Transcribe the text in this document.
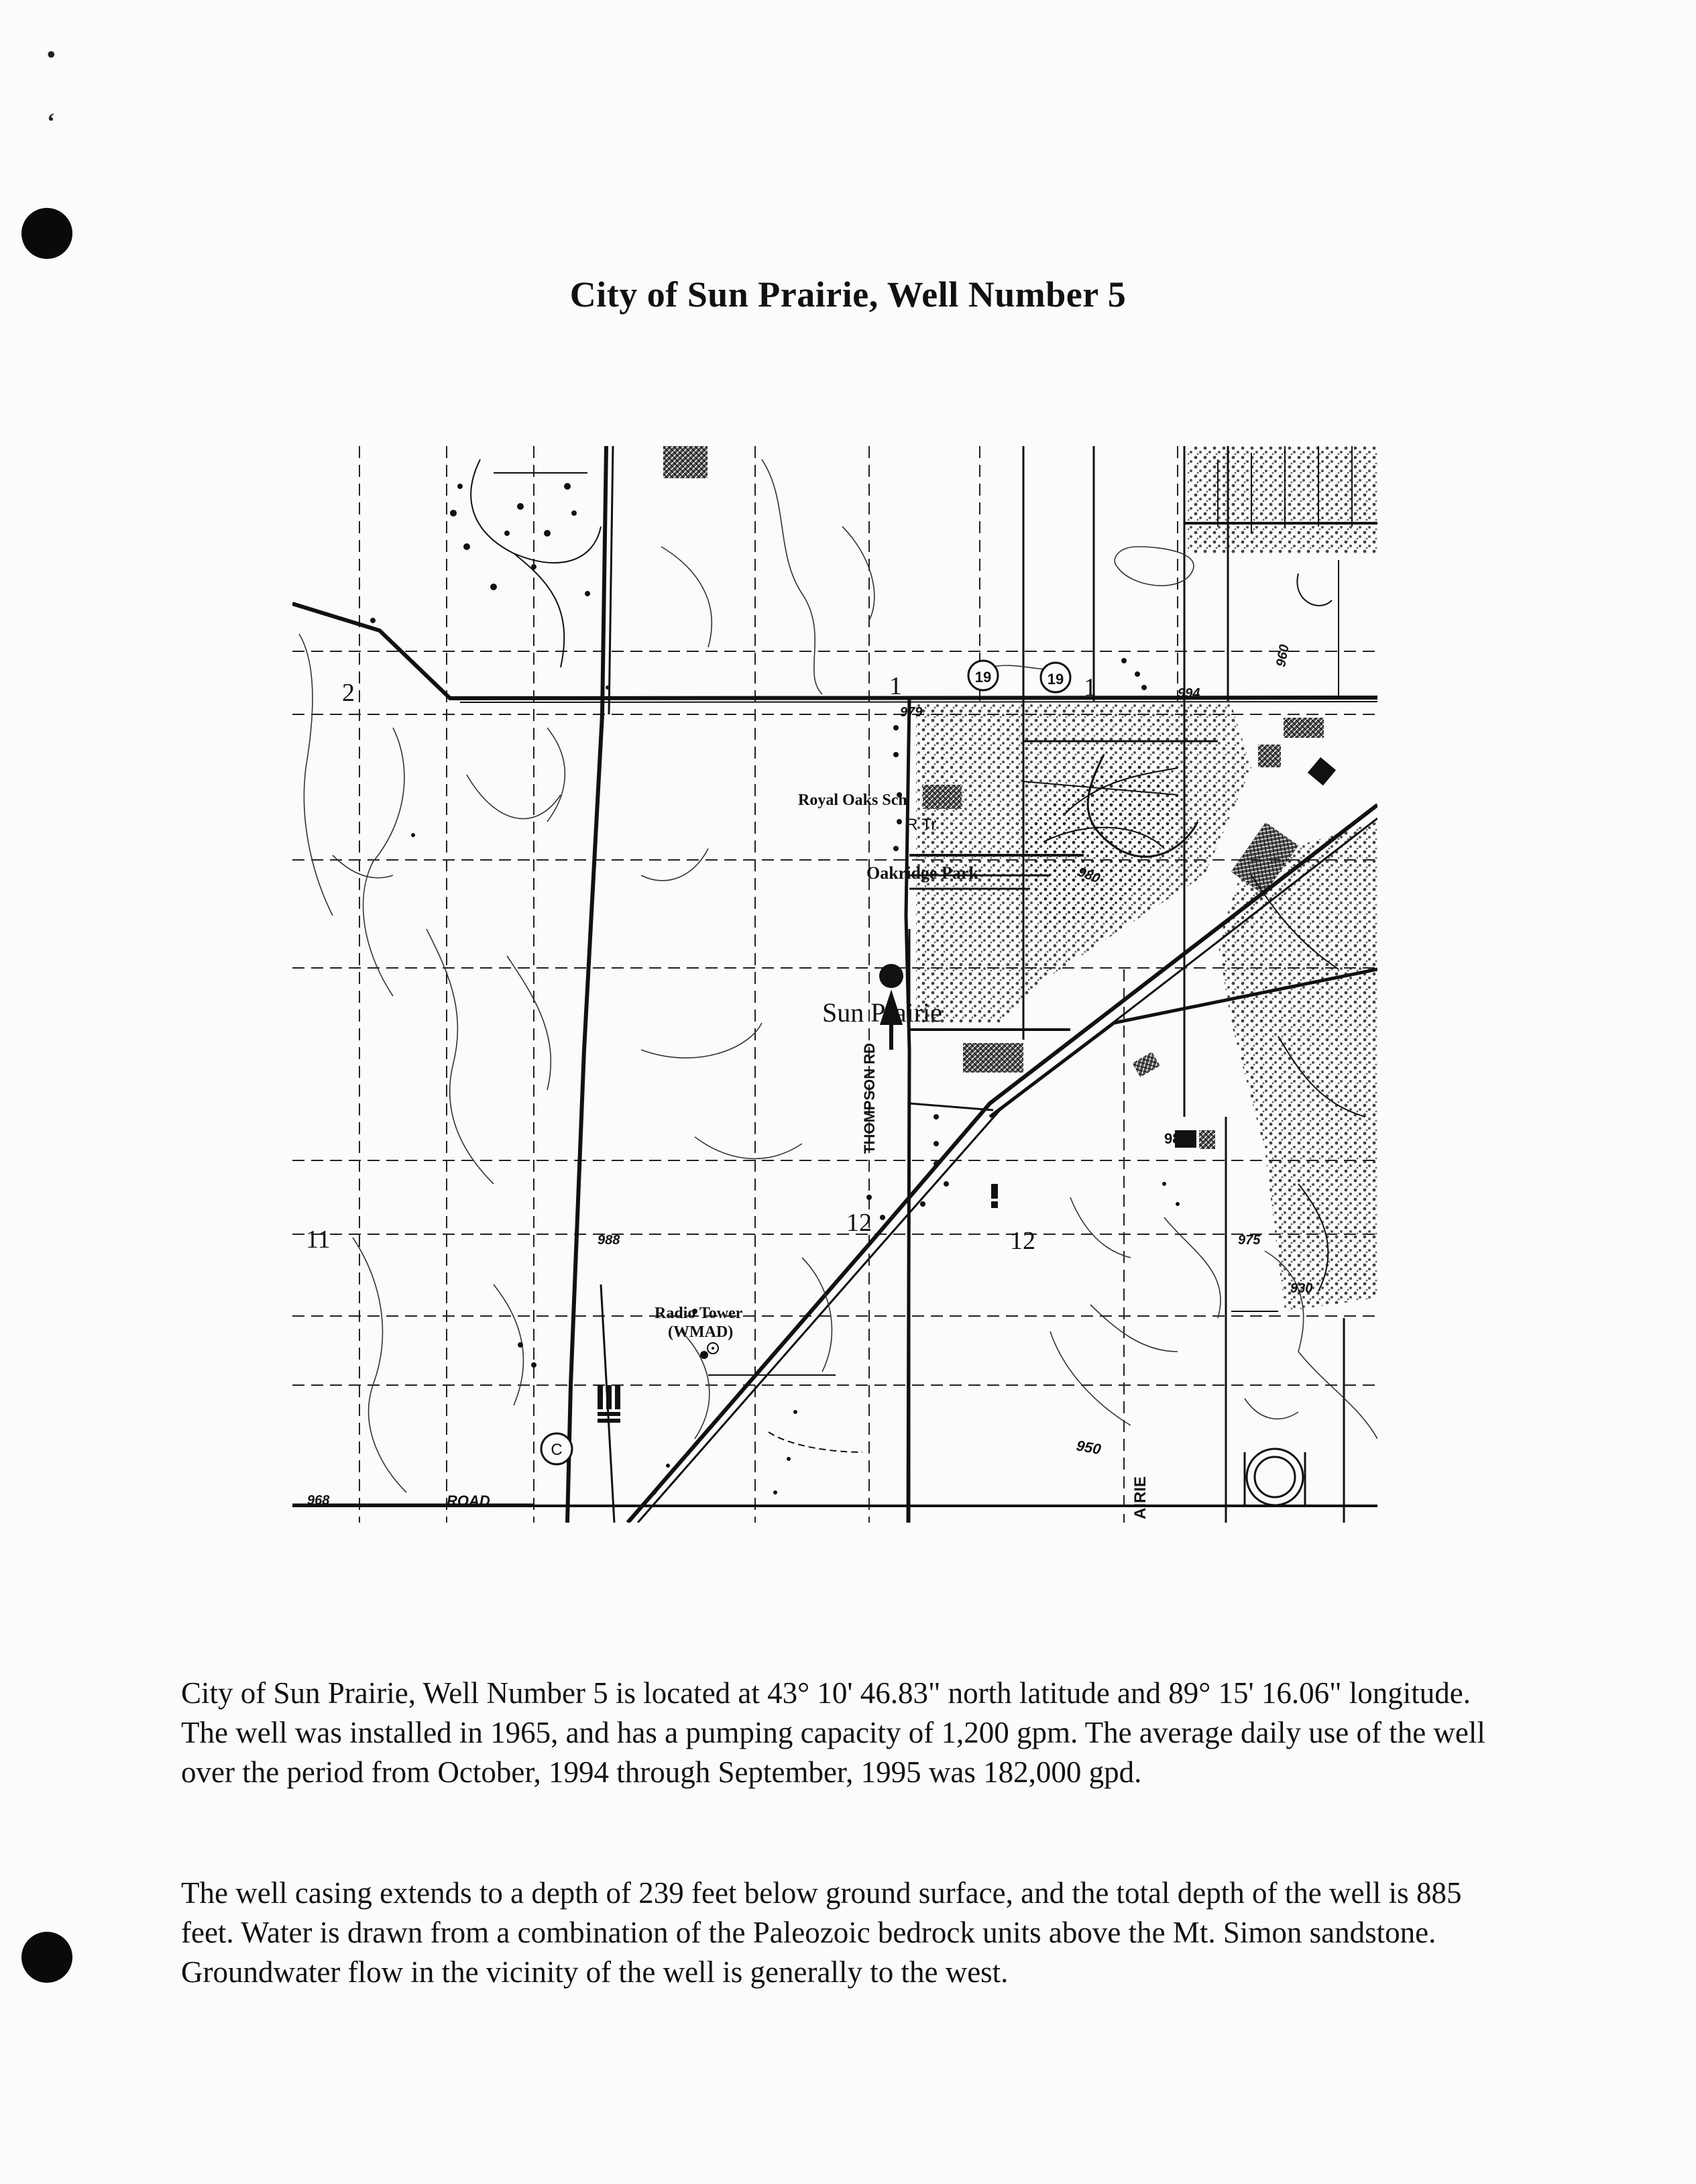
•
‘
City of Sun Prairie, Well Number 5
19	19
C
Sun Prairie
Royal Oaks Sch
R Tr
Oakridge Park
THOMPSON RD
Radio Tower
(WMAD)
ROAD
2	1	1
11
12
12
994
979
980
980
988
968
950
975
960
930
AIRIE

City of Sun Prairie, Well Number 5 is located at 43° 10' 46.83" north latitude and 89° 15' 16.06" longitude. The well was installed in 1965, and has a pumping capacity of 1,200 gpm. The average daily use of the well over the period from October, 1994 through September, 1995 was 182,000 gpd.

The well casing extends to a depth of 239 feet below ground surface, and the total depth of the well is 885 feet. Water is drawn from a combination of the Paleozoic bedrock units above the Mt. Simon sandstone. Groundwater flow in the vicinity of the well is generally to the west.
